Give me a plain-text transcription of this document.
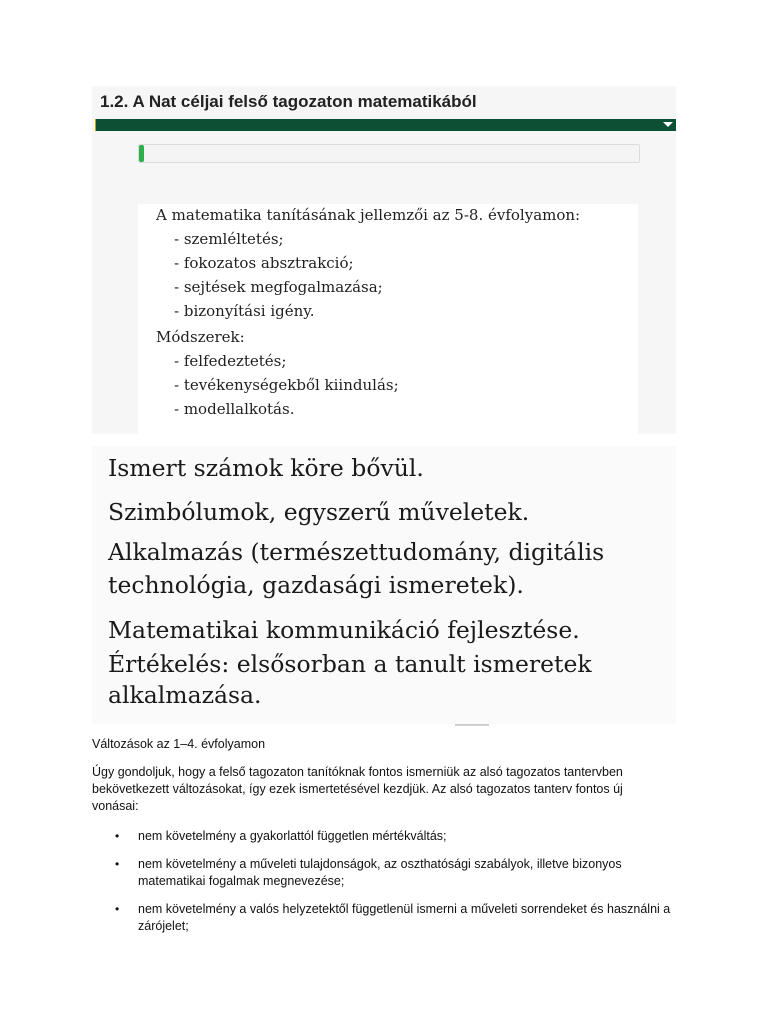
1.2. A Nat céljai felső tagozaton matematikából
A matematika tanításának jellemzői az 5-8. évfolyamon:
- szemléltetés;
- fokozatos absztrakció;
- sejtések megfogalmazása;
- bizonyítási igény.
Módszerek:
- felfedeztetés;
- tevékenységekből kiindulás;
- modellalkotás.
Ismert számok köre bővül.
Szimbólumok, egyszerű műveletek.
Alkalmazás (természettudomány, digitális
technológia, gazdasági ismeretek).
Matematikai kommunikáció fejlesztése.
Értékelés: elsősorban a tanult ismeretek
alkalmazása.
Változások az 1–4. évfolyamon
Úgy gondoljuk, hogy a felső tagozaton tanítóknak fontos ismerniük az alsó tagozatos tantervben bekövetkezett változásokat, így ezek ismertetésével kezdjük. Az alsó tagozatos tanterv fontos új vonásai:
• nem követelmény a gyakorlattól független mértékváltás;
• nem követelmény a műveleti tulajdonságok, az oszthatósági szabályok, illetve bizonyos matematikai fogalmak megnevezése;
• nem követelmény a valós helyzetektől függetlenül ismerni a műveleti sorrendeket és használni a zárójelet;
